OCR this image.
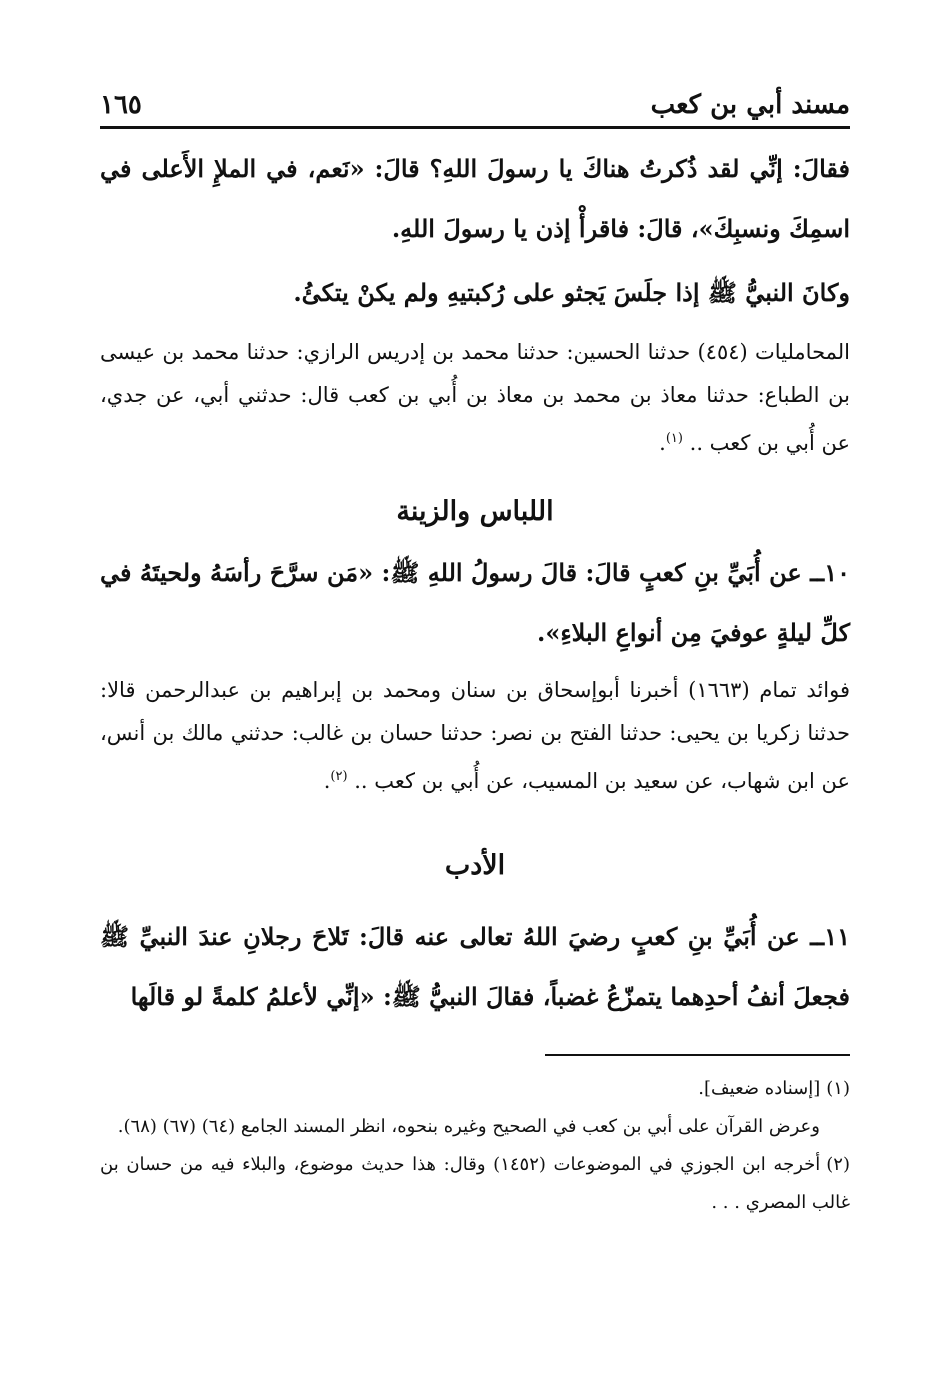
١٦٥	مسند أبي بن كعب
فقالَ: إنِّي لقد ذُكرتُ هناكَ يا رسولَ اللهِ؟ قالَ: «نَعم، في الملإِ الأَعلى في اسمِكَ ونسبِكَ»، قالَ: فاقرأْ إذن يا رسولَ اللهِ.
وكانَ النبيُّ ﷺ إذا جلَسَ يَجثو على رُكبتيهِ ولم يكنْ يتكئُ.
المحامليات (٤٥٤) حدثنا الحسين: حدثنا محمد بن إدريس الرازي: حدثنا محمد بن عيسى بن الطباع: حدثنا معاذ بن محمد بن معاذ بن أُبي بن كعب قال: حدثني أبي، عن جدي، عن أُبي بن كعب .. $^{(١)}$.
اللباس والزينة
١٠ــ عن أُبَيِّ بنِ كعبٍ قالَ: قالَ رسولُ اللهِ ﷺ: «مَن سرَّحَ رأسَهُ ولحيتَهُ في كلِّ ليلةٍ عوفيَ مِن أنواعِ البلاءِ».
فوائد تمام (١٦٦٣) أخبرنا أبوإسحاق بن سنان ومحمد بن إبراهيم بن عبدالرحمن قالا: حدثنا زكريا بن يحيى: حدثنا الفتح بن نصر: حدثنا حسان بن غالب: حدثني مالك بن أنس، عن ابن شهاب، عن سعيد بن المسيب، عن أُبي بن كعب .. $^{(٢)}$.
الأدب
١١ــ عن أُبَيِّ بنِ كعبٍ رضيَ اللهُ تعالى عنه قالَ: تَلاحَ رجلانِ عندَ النبيِّ ﷺ فجعلَ أنفُ أحدِهما يتمزّعُ غضباً، فقالَ النبيُّ ﷺ: «إنِّي لأعلمُ كلمةً لو قالَها
(١)[إسناده ضعيف].
وعرض القرآن على أبي بن كعب في الصحيح وغيره بنحوه، انظر المسند الجامع (٦٤) (٦٧) (٦٨).
(٢)أخرجه ابن الجوزي في الموضوعات (١٤٥٢) وقال: هذا حديث موضوع، والبلاء فيه من حسان بن غالب المصري . . .
